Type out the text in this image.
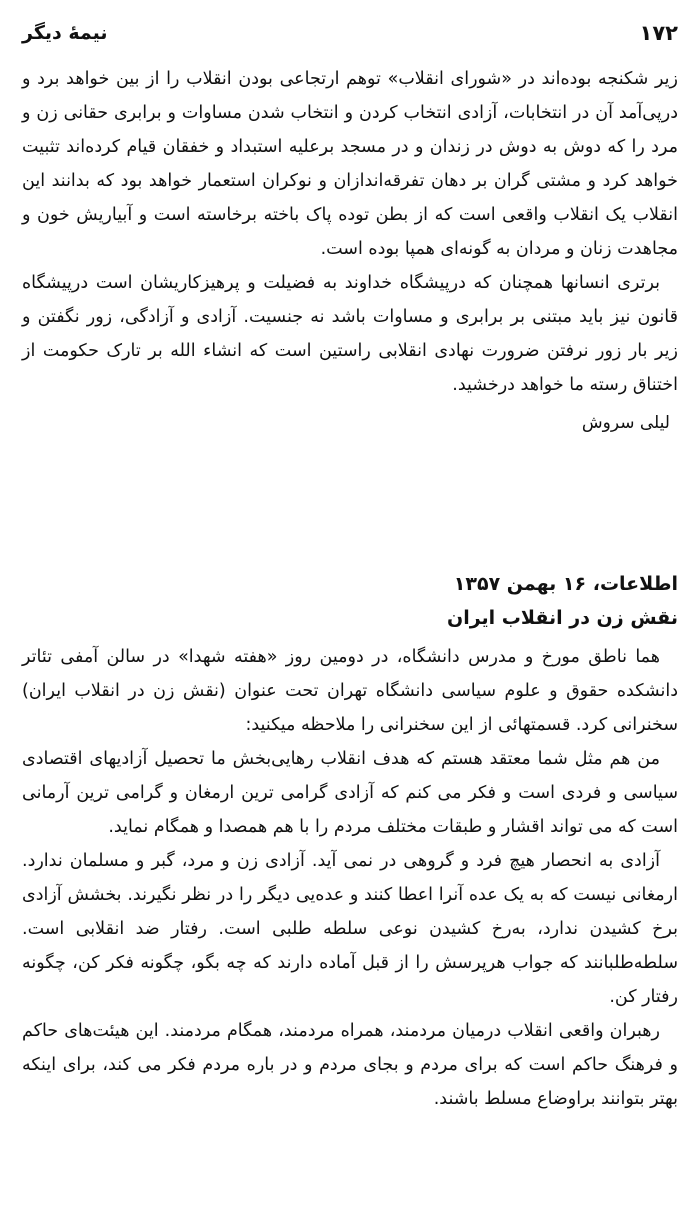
۱۷۲
نیمهٔ دیگر

زیر شکنجه بوده‌اند در «شورای انقلاب» توهم ارتجاعی بودن انقلاب را از بین خواهد برد و درپی‌آمد آن در انتخابات، آزادی انتخاب کردن و انتخاب شدن مساوات و برابری حقانی زن و مرد را که دوش به دوش در زندان و در مسجد برعلیه استبداد و خفقان قیام کرده‌اند تثبیت خواهد کرد و مشتی گران بر دهان تفرقه‌اندازان و نوکران استعمار خواهد بود که بدانند این انقلاب یک انقلاب واقعی است که از بطن توده پاک باخته برخاسته است و آبیاریش خون و مجاهدت زنان و مردان به گونه‌ای همپا بوده است.

برتری انسانها همچنان که درپیشگاه خداوند به فضیلت و پرهیزکاریشان است درپیشگاه قانون نیز باید مبتنی بر برابری و مساوات باشد نه جنسیت. آزادی و آزادگی، زور نگفتن و زیر بار زور نرفتن ضرورت نهادی انقلابی راستین است که انشاء الله بر تارک حکومت از اختناق رسته ما خواهد درخشید.

لیلی سروش
اطلاعات، ۱۶ بهمن ۱۳۵۷
نقش زن در انقلاب ایران

هما ناطق مورخ و مدرس دانشگاه، در دومین روز «هفته شهدا» در سالن آمفی تئاتر دانشکده حقوق و علوم سیاسی دانشگاه تهران تحت عنوان (نقش زن در انقلاب ایران) سخنرانی کرد. قسمتهائی از این سخنرانی را ملاحظه میکنید:

من هم مثل شما معتقد هستم که هدف انقلاب رهایی‌بخش ما تحصیل آزادیهای اقتصادی سیاسی و فردی است و فکر می کنم که آزادی گرامی ترین ارمغان و گرامی ترین آرمانی است که می تواند اقشار و طبقات مختلف مردم را با هم همصدا و همگام نماید.

آزادی به انحصار هیچ فرد و گروهی در نمی آید. آزادی زن و مرد، گبر و مسلمان ندارد. ارمغانی نیست که به یک عده آنرا اعطا کنند و عده‌یی دیگر را در نظر نگیرند. بخشش آزادی برخ کشیدن ندارد، به‌رخ کشیدن نوعی سلطه طلبی است. رفتار ضد انقلابی است. سلطه‌طلبانند که جواب هرپرسش را از قبل آماده دارند که چه بگو، چگونه فکر کن، چگونه رفتار کن.

رهبران واقعی انقلاب درمیان مردمند، همراه مردمند، همگام مردمند. این هیئت‌های حاکم و فرهنگ حاکم است که برای مردم و بجای مردم و در باره مردم فکر می کند، برای اینکه بهتر بتوانند براوضاع مسلط باشند.
